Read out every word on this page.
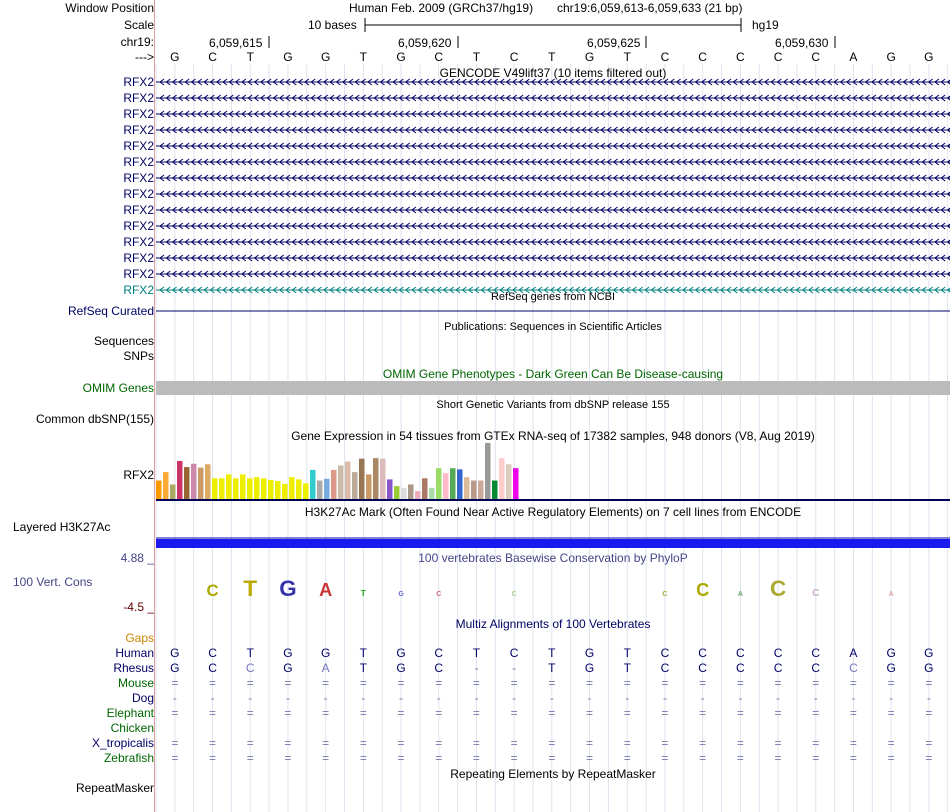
Window Position
Scale
chr19:
--->
Human Feb. 2009 (GRCh37/hg19) chr19:6,059,613-6,059,633 (21 bp)
10 bases	hg19
6,059,615	6,059,620	6,059,625	6,059,630
G C T G G T G C T C T G T C C C C C A G G
GENCODE V49lift37 (10 items filtered out)
RFX2
RFX2
RFX2
RFX2
RFX2
RFX2
RFX2
RFX2
RFX2
RFX2
RFX2
RFX2
RFX2
RFX2	RefSeq genes from NCBI
RefSeq Curated
Publications: Sequences in Scientific Articles
Sequences
SNPs
OMIM Gene Phenotypes - Dark Green Can Be Disease-causing
OMIM Genes
Short Genetic Variants from dbSNP release 155
Common dbSNP(155)
Gene Expression in 54 tissues from GTEx RNA-seq of 17382 samples, 948 donors (V8, Aug 2019)
RFX2
H3K27Ac Mark (Often Found Near Active Regulatory Elements) on 7 cell lines from ENCODE
Layered H3K27Ac
4.88 _	100 vertebrates Basewise Conservation by PhyloP
100 Vert. Cons
-4.5 _
Multiz Alignments of 100 Vertebrates
Gaps
Human G C T G G T G C T C T G T C C C C C A G G
Rhesus G C C G A	T G C	-	-	T G T C C C C C C G G
Mouse =	=	=	=	=	=	=	=	=	=	=	=	=	=	=	=	=	=	=	=	=
Dog	-	-	-	-	-	-	-	-	-	-	-	-	-	-	-	-	-	-	-	-	-
Elephant =	=	=	=	=	=	=	=	=	=	=	=	=	=	=	=	=	=	=	=	=
Chicken
X_tropicalis =	=	=	=	=	=	=	=	=	=	=	=	=	=	=	=	=	=	=	=	=
Zebrafish =	=	=	=	=	=	=	=	=	=	=	=	=	=	=	=	=	=	=	=	=
Repeating Elements by RepeatMasker
RepeatMasker
C T G A	T	G	C	C	C C	A C	C	A
